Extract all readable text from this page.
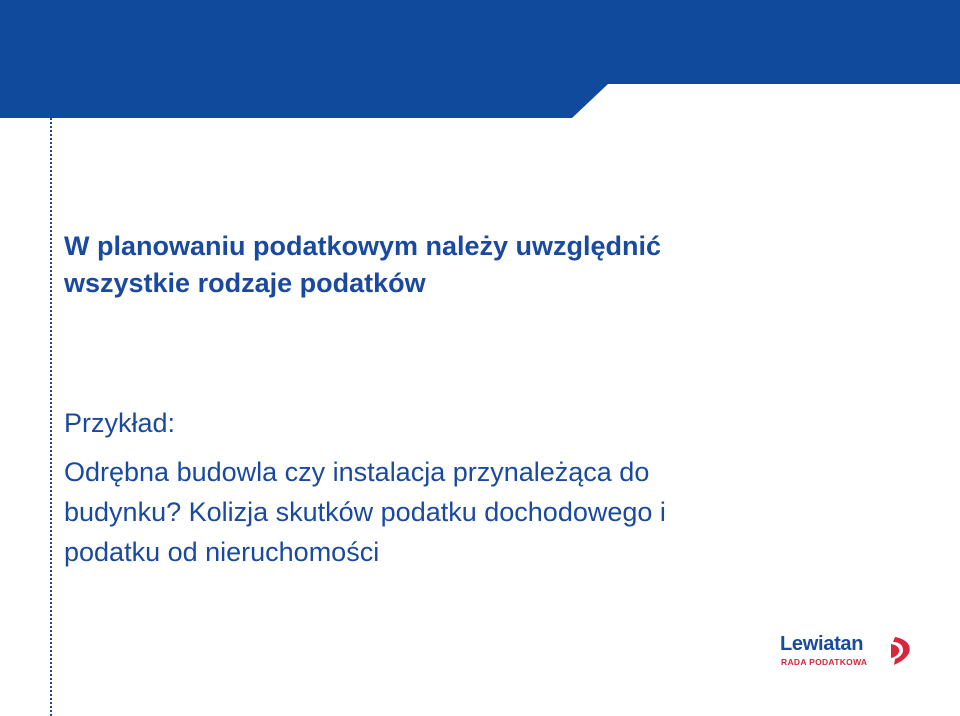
W planowaniu podatkowym należy uwzględnić
wszystkie rodzaje podatków

Przykład:

Odrębna budowla czy instalacja przynależąca do
budynku? Kolizja skutków podatku dochodowego i
podatku od nieruchomości

Lewiatan
RADA PODATKOWA
